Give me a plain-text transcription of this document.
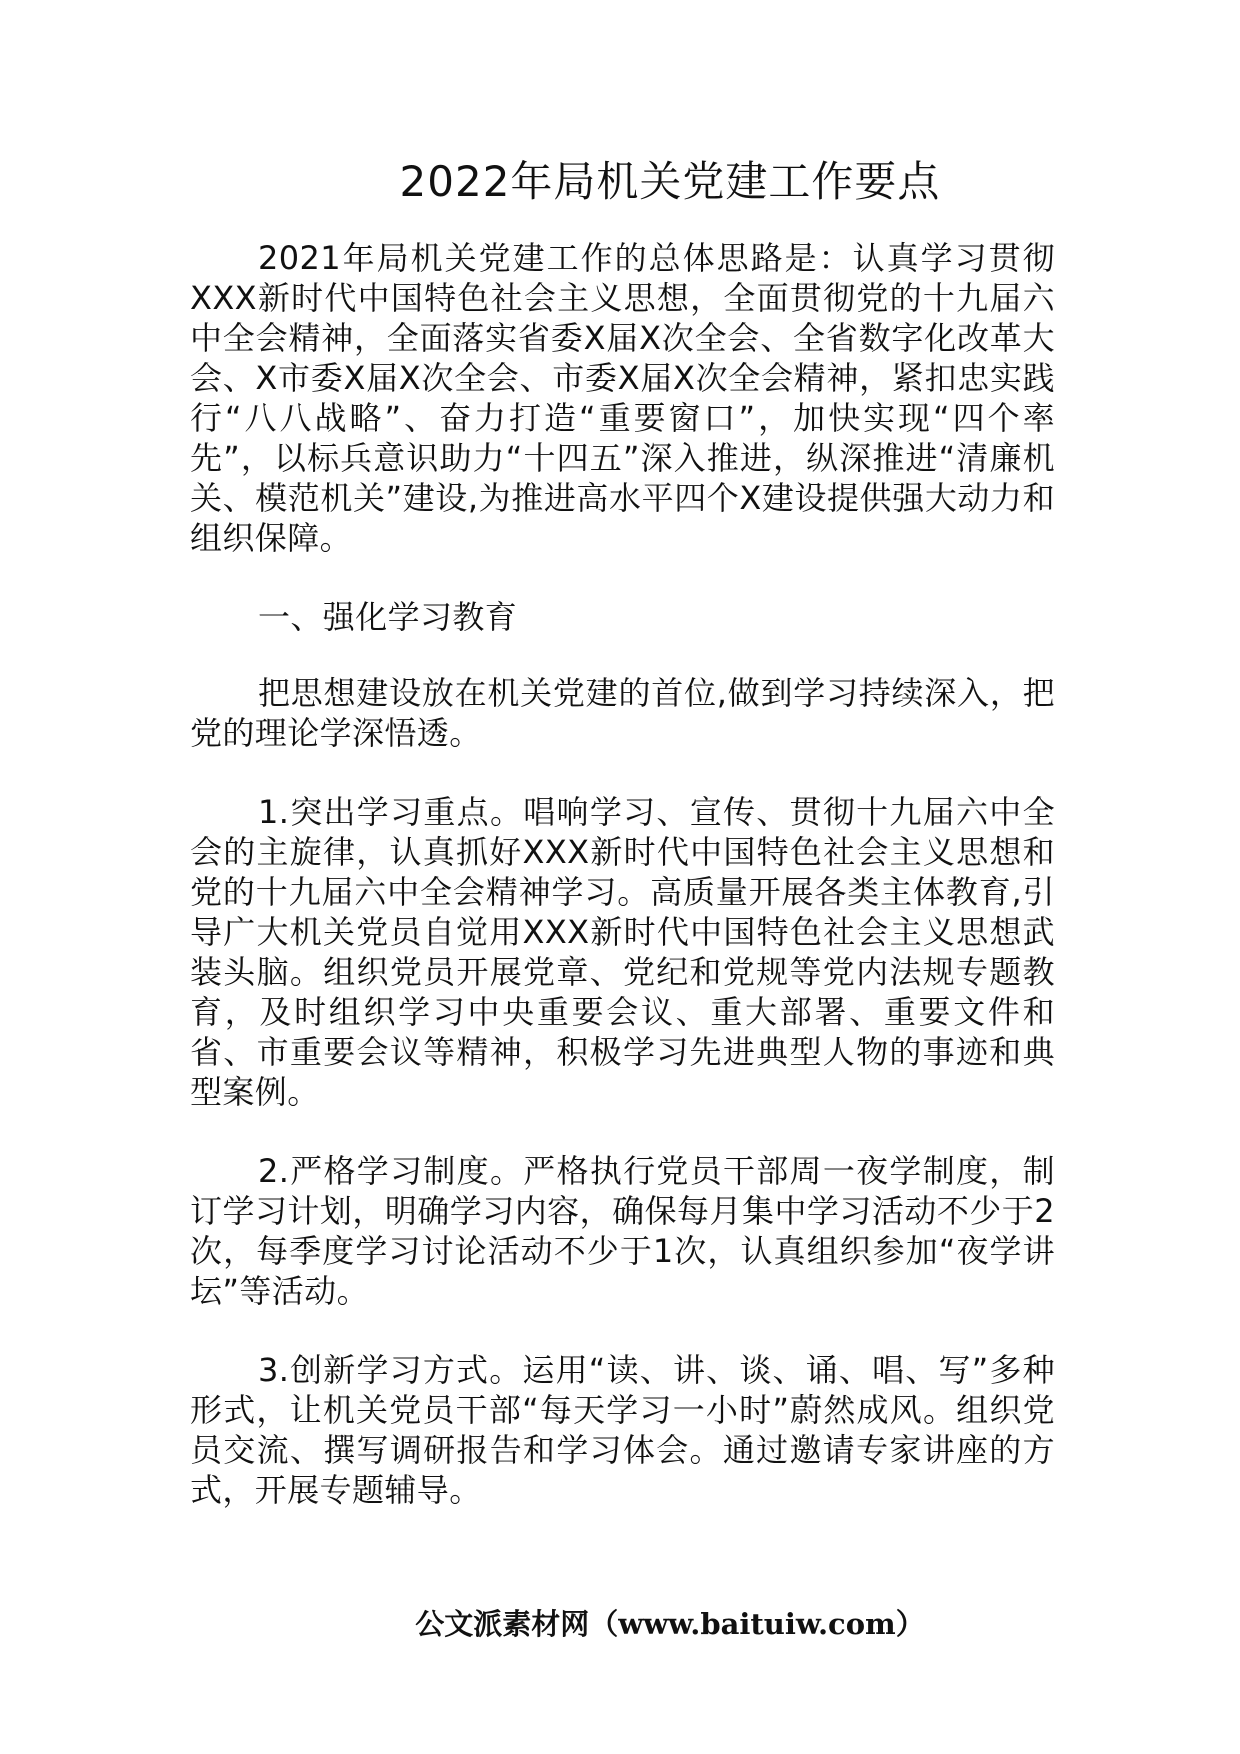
2022年局机关党建工作要点

2021年局机关党建工作的总体思路是：认真学习贯彻XXX新时代中国特色社会主义思想，全面贯彻党的十九届六中全会精神，全面落实省委X届X次全会、全省数字化改革大会、X市委X届X次全会、市委X届X次全会精神，紧扣忠实践行“八八战略”、奋力打造“重要窗口”，加快实现“四个率先”，以标兵意识助力“十四五”深入推进，纵深推进“清廉机关、模范机关”建设,为推进高水平四个X建设提供强大动力和组织保障。

一、强化学习教育

把思想建设放在机关党建的首位,做到学习持续深入，把党的理论学深悟透。

1.突出学习重点。唱响学习、宣传、贯彻十九届六中全会的主旋律，认真抓好XXX新时代中国特色社会主义思想和党的十九届六中全会精神学习。高质量开展各类主体教育,引导广大机关党员自觉用XXX新时代中国特色社会主义思想武装头脑。组织党员开展党章、党纪和党规等党内法规专题教育，及时组织学习中央重要会议、重大部署、重要文件和省、市重要会议等精神，积极学习先进典型人物的事迹和典型案例。

2.严格学习制度。严格执行党员干部周一夜学制度，制订学习计划，明确学习内容，确保每月集中学习活动不少于2次，每季度学习讨论活动不少于1次，认真组织参加“夜学讲坛”等活动。

3.创新学习方式。运用“读、讲、谈、诵、唱、写”多种形式，让机关党员干部“每天学习一小时”蔚然成风。组织党员交流、撰写调研报告和学习体会。通过邀请专家讲座的方式，开展专题辅导。

公文派素材网（www.baituiw.com）
